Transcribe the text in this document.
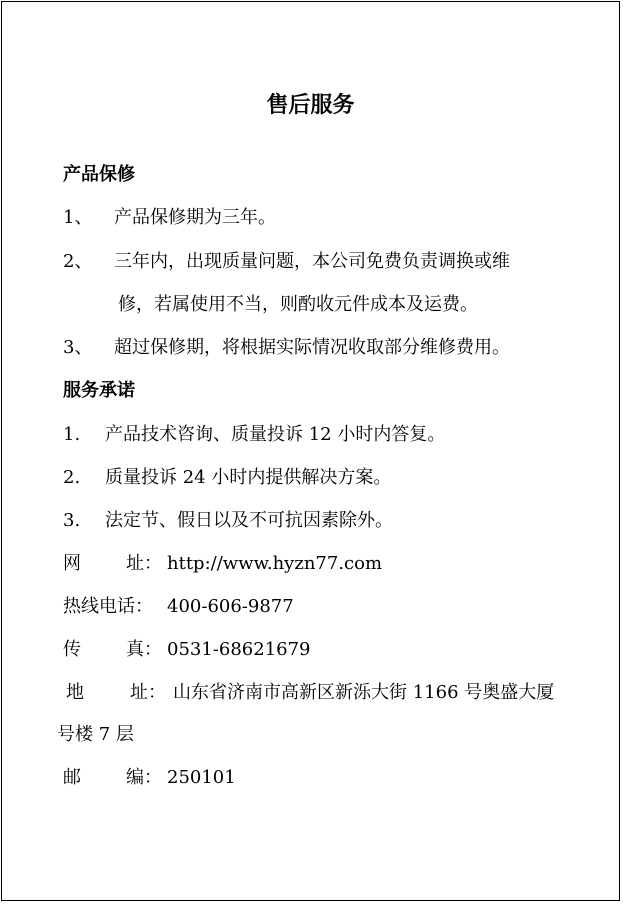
售后服务
产品保修
1、 产品保修期为三年。
2、 三年内，出现质量问题，本公司免费负责调换或维
修，若属使用不当，则酌收元件成本及运费。
3、 超过保修期，将根据实际情况收取部分维修费用。
服务承诺
1. 产品技术咨询、质量投诉 12 小时内答复。
2. 质量投诉 24 小时内提供解决方案。
3. 法定节、假日以及不可抗因素除外。
网	址： http://www.hyzn77.com
热线电话： 400-606-9877
传	真： 0531-68621679
地	址： 山东省济南市高新区新泺大街 1166 号奥盛大厦
号楼 7 层
邮	编： 250101
